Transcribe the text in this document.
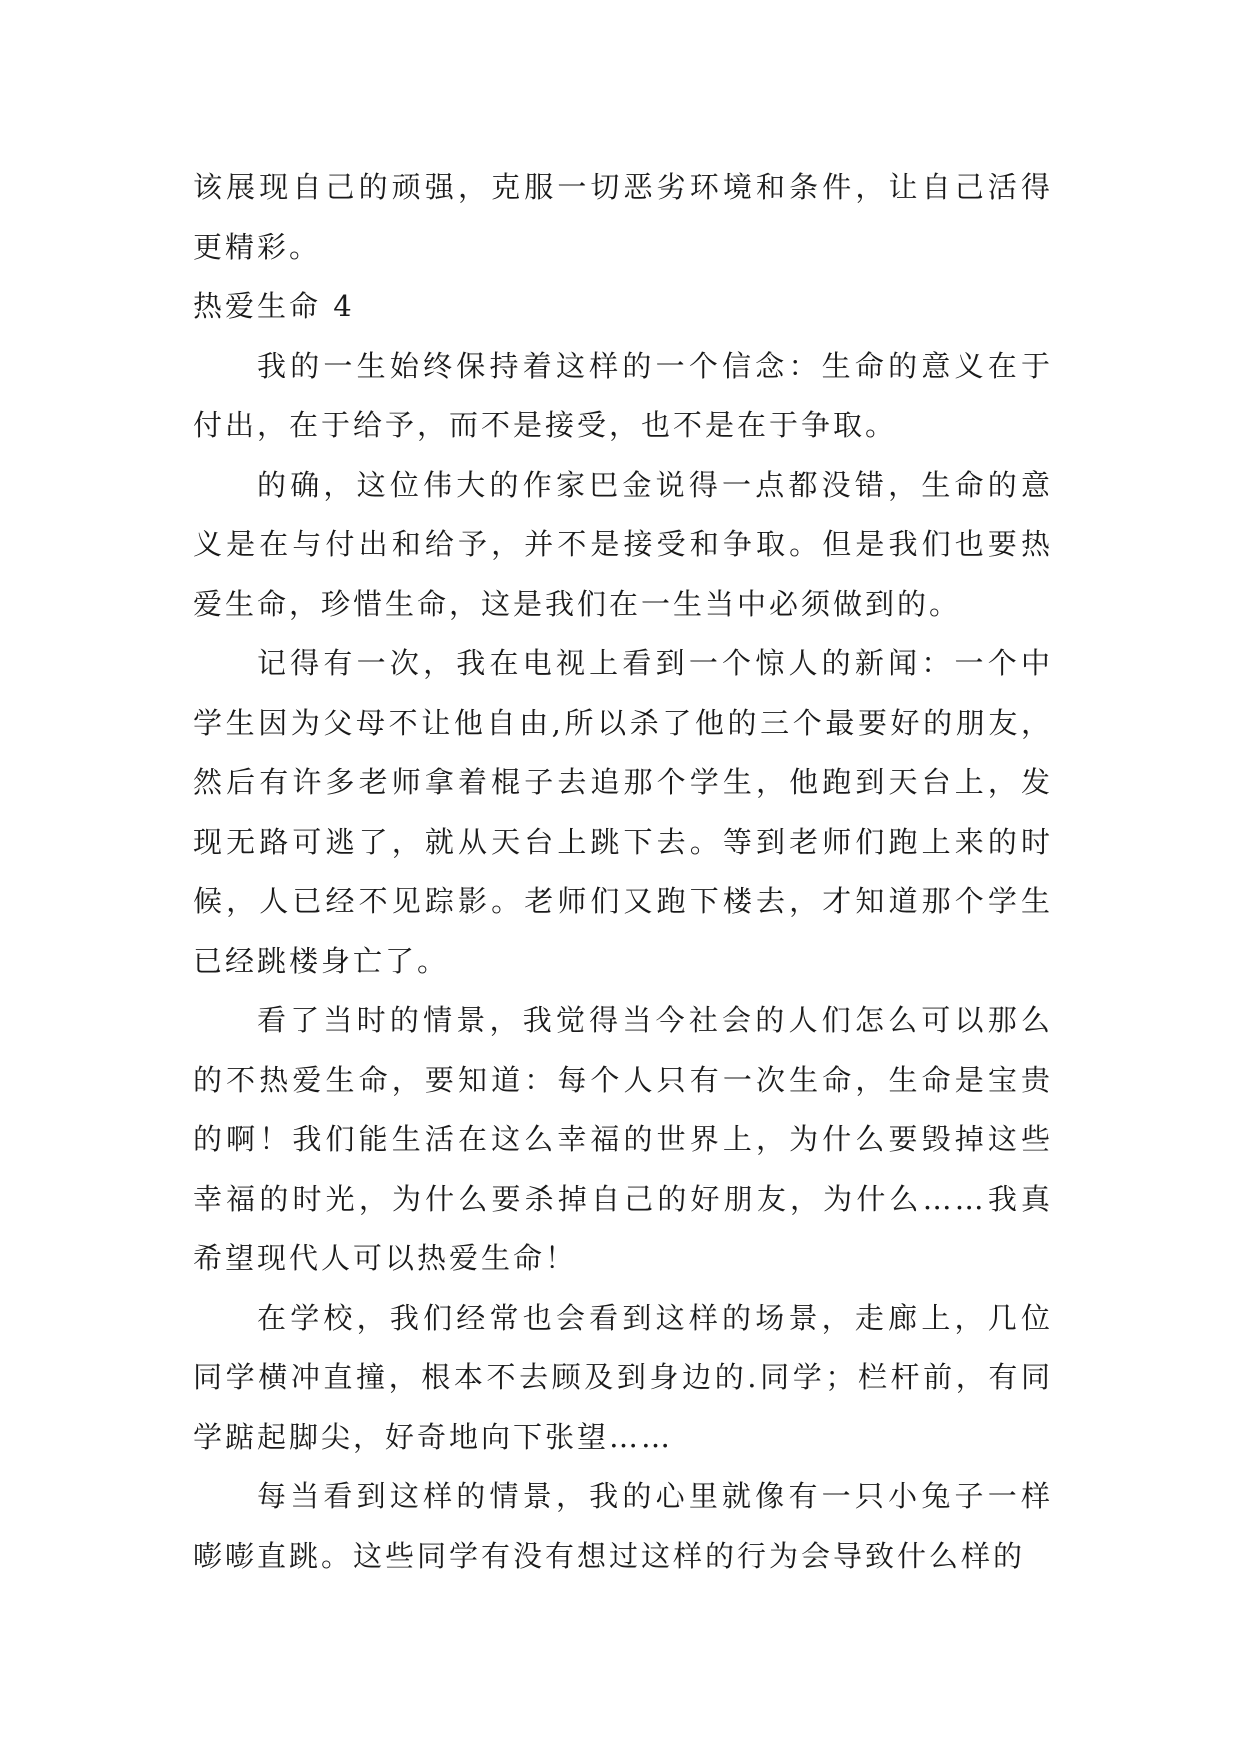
该展现自己的顽强，克服一切恶劣环境和条件，让自己活得更精彩。

热爱生命 4

我的一生始终保持着这样的一个信念：生命的意义在于付出，在于给予，而不是接受，也不是在于争取。

的确，这位伟大的作家巴金说得一点都没错，生命的意义是在与付出和给予，并不是接受和争取。但是我们也要热爱生命，珍惜生命，这是我们在一生当中必须做到的。

记得有一次，我在电视上看到一个惊人的新闻：一个中学生因为父母不让他自由,所以杀了他的三个最要好的朋友，然后有许多老师拿着棍子去追那个学生，他跑到天台上，发现无路可逃了，就从天台上跳下去。等到老师们跑上来的时候，人已经不见踪影。老师们又跑下楼去，才知道那个学生已经跳楼身亡了。

看了当时的情景，我觉得当今社会的人们怎么可以那么的不热爱生命，要知道：每个人只有一次生命，生命是宝贵的啊！我们能生活在这么幸福的世界上，为什么要毁掉这些幸福的时光，为什么要杀掉自己的好朋友，为什么……我真希望现代人可以热爱生命！

在学校，我们经常也会看到这样的场景，走廊上，几位同学横冲直撞，根本不去顾及到身边的.同学；栏杆前，有同学踮起脚尖，好奇地向下张望……

每当看到这样的情景，我的心里就像有一只小兔子一样嘭嘭直跳。这些同学有没有想过这样的行为会导致什么样的
